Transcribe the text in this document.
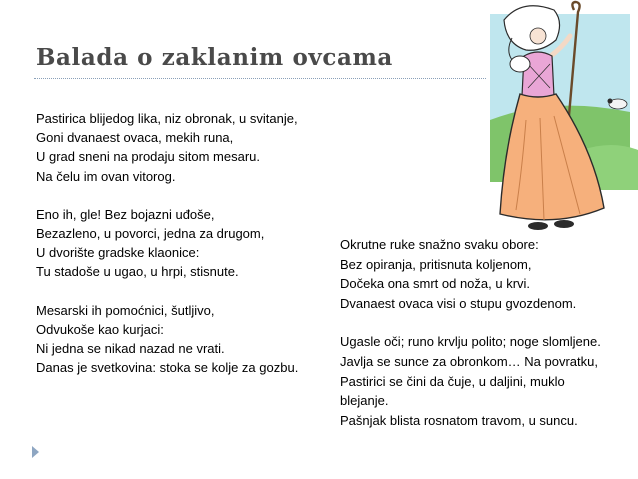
Balada o zaklanim ovcama
Pastirica blijedog lika, niz obronak, u svitanje,
Goni dvanaest ovaca, mekih runa,
U grad sneni na prodaju sitom mesaru.
Na čelu im ovan vitorog.
Eno ih, gle! Bez bojazni uđoše,
Bezazleno, u povorci, jedna za drugom,
U dvorište gradske klaonice:
Tu stadoše u ugao, u hrpi, stisnute.
Mesarski ih pomoćnici, šutljivo,
Odvukoše kao kurjaci:
Ni jedna se nikad nazad ne vrati.
Danas je svetkovina: stoka se kolje za gozbu.
Okrutne ruke snažno svaku obore:
Bez opiranja, pritisnuta koljenom,
Dočeka ona smrt od noža, u krvi.
Dvanaest ovaca visi o stupu gvozdenom.
Ugasle oči; runo krvlju polito; noge slomljene.
Javlja se sunce za obronkom… Na povratku,
Pastirici se čini da čuje, u daljini, muklo blejanje.
Pašnjak blista rosnatom travom, u suncu.
